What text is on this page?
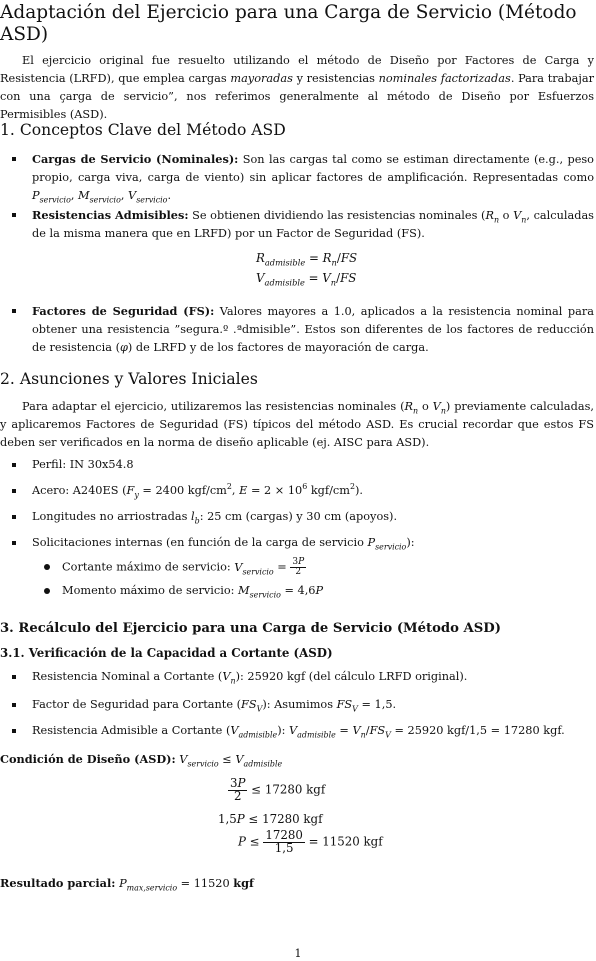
Adaptación del Ejercicio para una Carga de Servicio (Método ASD)

El ejercicio original fue resuelto utilizando el método de Diseño por Factores de Carga y Resistencia (LRFD), que emplea cargas mayoradas y resistencias nominales factorizadas. Para trabajar con una çarga de servicio”, nos referimos generalmente al método de Diseño por Esfuerzos Permisibles (ASD).

1. Conceptos Clave del Método ASD
Cargas de Servicio (Nominales): Son las cargas tal como se estiman directamente (e.g., peso propio, carga viva, carga de viento) sin aplicar factores de amplificación. Representadas como $P_{servicio}$, $M_{servicio}$, $V_{servicio}$.
Resistencias Admisibles: Se obtienen dividiendo las resistencias nominales ($R_n$ o $V_n$, calculadas de la misma manera que en LRFD) por un Factor de Seguridad (FS).
$R_{admisible} = R_n/FS$
$V_{admisible} = V_n/FS$
Factores de Seguridad (FS): Valores mayores a 1.0, aplicados a la resistencia nominal para obtener una resistencia ”segura.º .ªdmisible”. Estos son diferentes de los factores de reducción de resistencia (φ) de LRFD y de los factores de mayoración de carga.
2. Asunciones y Valores Iniciales

Para adaptar el ejercicio, utilizaremos las resistencias nominales ($R_n$ o $V_n$) previamente calculadas, y aplicaremos Factores de Seguridad (FS) típicos del método ASD. Es crucial recordar que estos FS deben ser verificados en la norma de diseño aplicable (ej. AISC para ASD).

Perfil: IN 30x54.8
Acero: A240ES ($F_y = 2400$ kgf/$cm^2$, $E = 2 \times 10^6$ kgf/$cm^2$).
Longitudes no arriostradas $l_b$: 25 cm (cargas) y 30 cm (apoyos).
Solicitaciones internas (en función de la carga de servicio $P_{servicio}$):
Cortante máximo de servicio: $V_{servicio} = \frac{3P}{2}$
Momento máximo de servicio: $M_{servicio} = 4,6P$
3. Recálculo del Ejercicio para una Carga de Servicio (Método ASD)
3.1. Verificación de la Capacidad a Cortante (ASD)
Resistencia Nominal a Cortante $(V_n)$: 25920 kgf (del cálculo LRFD original).
Factor de Seguridad para Cortante $(FS_V)$: Asumimos $FS_V = 1,5$.
Resistencia Admisible a Cortante $(V_{admisible})$: $V_{admisible} = V_n/FS_V = 25920$ kgf/1,5 = 17280 kgf.
Condición de Diseño (ASD): $V_{servicio} \le V_{admisible}$
$\frac{3P}{2} \le 17280$ kgf
1,5P ≤ 17280 kgf
$P \le \frac{17280}{1,5} = 11520$ kgf
Resultado parcial: $P_{max,servicio} = 11520$ kgf
1
